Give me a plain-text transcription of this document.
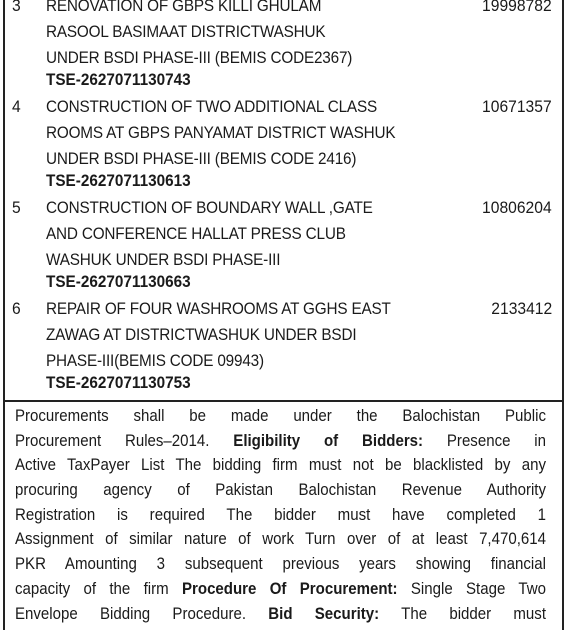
3 RENOVATION OF GBPS KILLI GHULAM
RASOOL BASIMAAT DISTRICTWASHUK
UNDER BSDI PHASE-III (BEMIS CODE2367)
19998782
TSE-2627071130743
4 CONSTRUCTION OF TWO ADDITIONAL CLASS
ROOMS AT GBPS PANYAMAT DISTRICT WASHUK
UNDER BSDI PHASE-III (BEMIS CODE 2416)
10671357
TSE-2627071130613
5 CONSTRUCTION OF BOUNDARY WALL ,GATE
AND CONFERENCE HALLAT PRESS CLUB
WASHUK UNDER BSDI PHASE-III
10806204
TSE-2627071130663
6 REPAIR OF FOUR WASHROOMS AT GGHS EAST
ZAWAG AT DISTRICTWASHUK UNDER BSDI
PHASE-III(BEMIS CODE 09943)
2133412
TSE-2627071130753
Procurements shall be made under the Balochistan Public
Procurement Rules–2014. Eligibility of Bidders: Presence in
Active TaxPayer List The bidding firm must not be blacklisted by any
procuring agency of Pakistan Balochistan Revenue Authority
Registration is required The bidder must have completed 1
Assignment of similar nature of work Turn over of at least 7,470,614
PKR Amounting 3 subsequent previous years showing financial
capacity of the firm Procedure Of Procurement: Single Stage Two
Envelope Bidding Procedure. Bid Security: The bidder must
